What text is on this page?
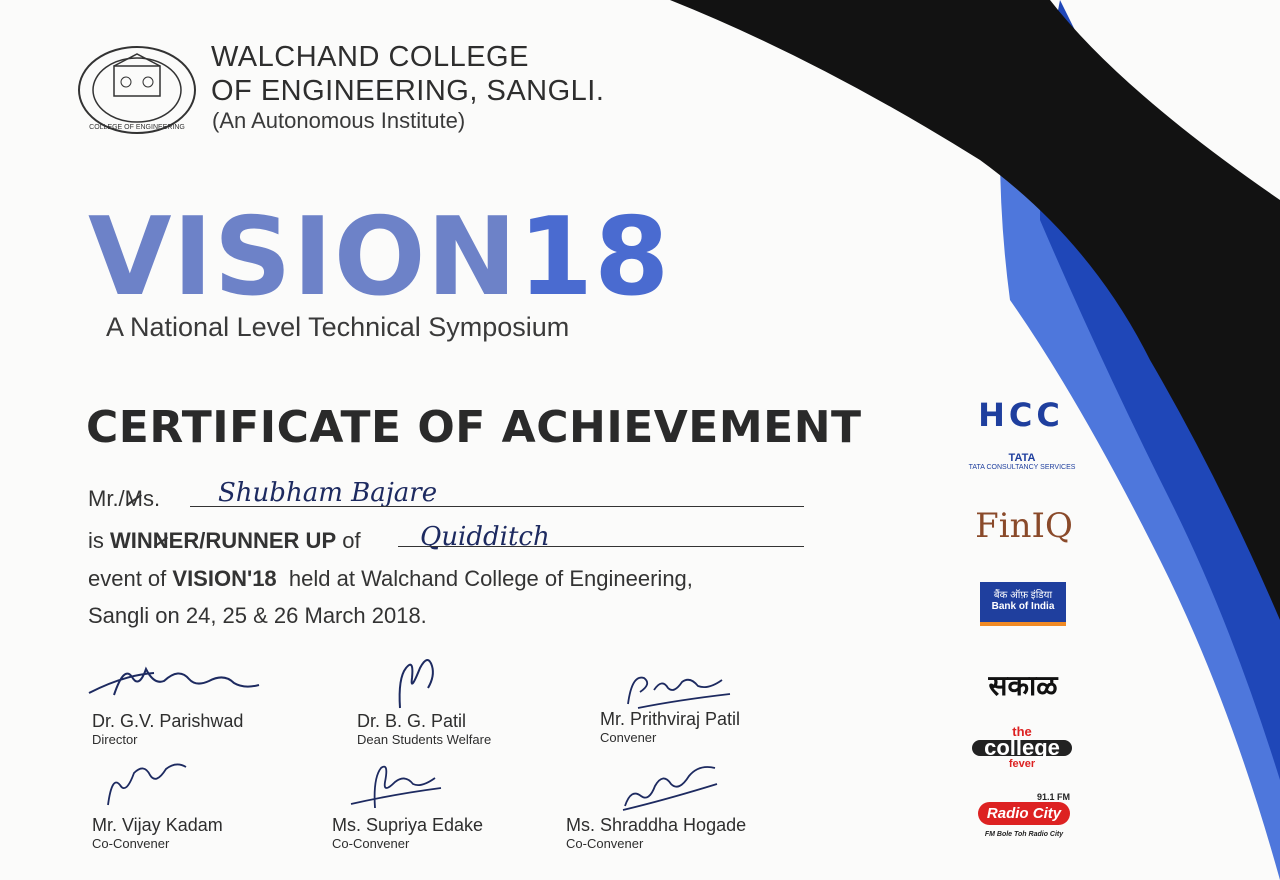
COLLEGE OF ENGINEERING
WALCHAND COLLEGE
OF ENGINEERING, SANGLI.
(An Autonomous Institute)
VISION18
A National Level Technical Symposium
CERTIFICATE OF ACHIEVEMENT
Mr./Ms. Shubham Bajare
is WINNER/RUNNER UP of Quidditch
event of VISION'18  held at Walchand College of Engineering,
Sangli on 24, 25 & 26 March 2018.
Dr. G.V. Parishwad
Director
Dr. B. G. Patil
Dean Students Welfare
Mr. Prithviraj Patil
Convener
Mr. Vijay Kadam
Co-Convener
Ms. Supriya Edake
Co-Convener
Ms. Shraddha Hogade
Co-Convener
HCC
TATA
TATA CONSULTANCY SERVICES
FinIQ
बैंक ऑफ़ इंडिया
Bank of India
सकाळ
the
college
fever
91.1 FM
Radio City
FM Bole Toh Radio City
